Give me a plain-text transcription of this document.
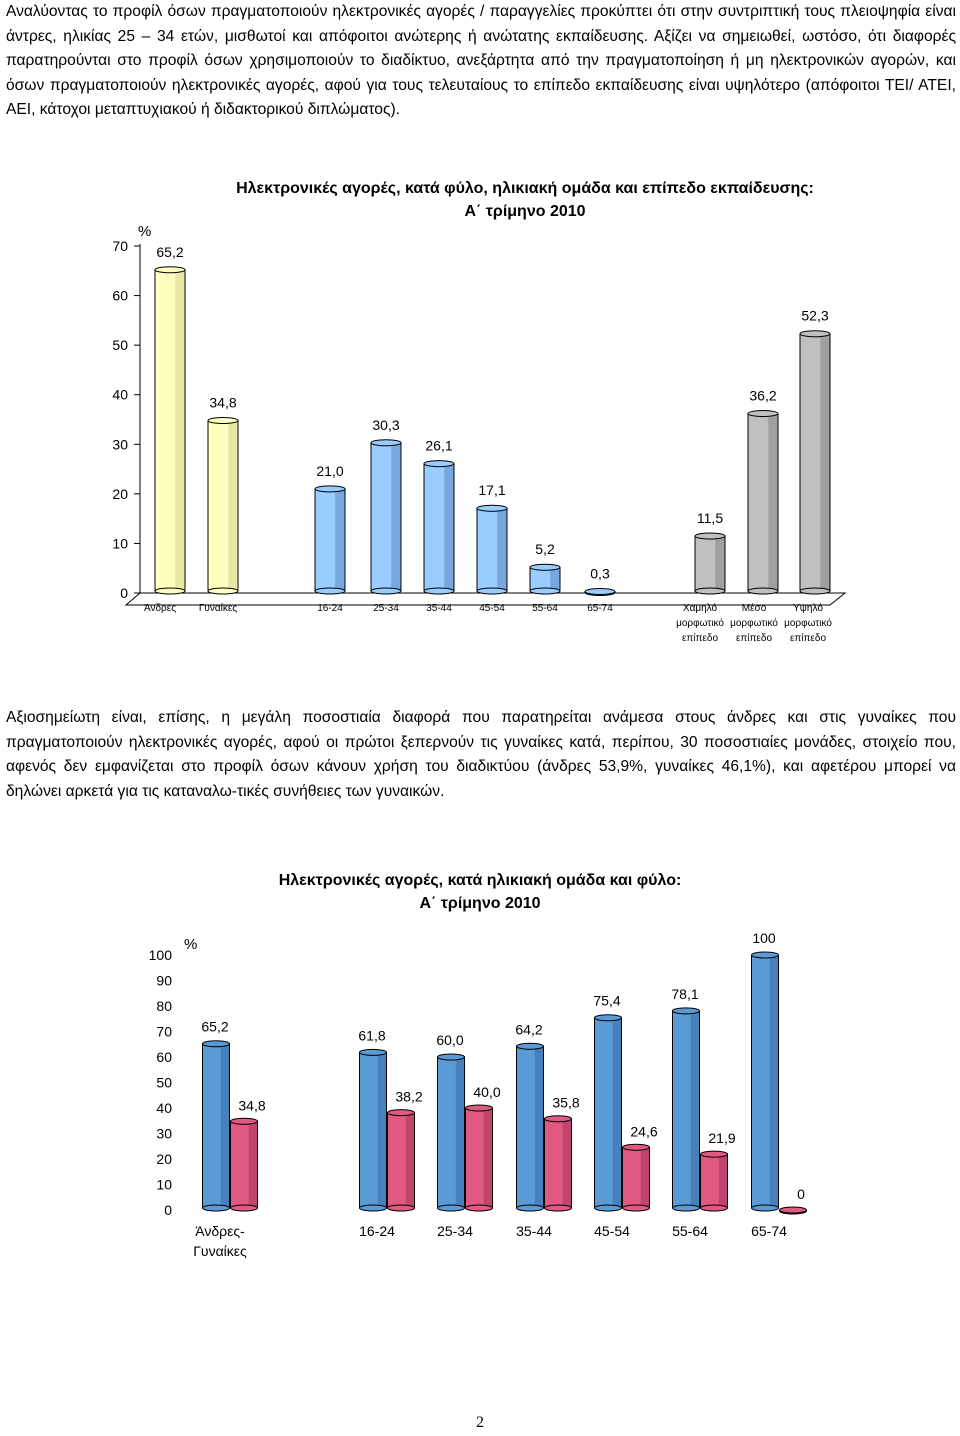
Αναλύοντας το προφίλ όσων πραγματοποιούν ηλεκτρονικές αγορές / παραγγελίες προκύπτει ότι στην συντριπτική τους πλειοψηφία είναι άντρες, ηλικίας 25 – 34 ετών, μισθωτοί και απόφοιτοι ανώτερης ή ανώτατης εκπαίδευσης. Αξίζει να σημειωθεί, ωστόσο, ότι διαφορές παρατηρούνται στο προφίλ όσων χρησιμοποιούν το διαδίκτυο, ανεξάρτητα από την πραγματοποίηση ή μη ηλεκτρονικών αγορών, και όσων πραγματοποιούν ηλεκτρονικές αγορές, αφού για τους τελευταίους το επίπεδο εκπαίδευσης είναι υψηλότερο (απόφοιτοι ΤΕΙ/ ΑΤΕΙ, ΑΕΙ, κάτοχοι μεταπτυχιακού ή διδακτορικού διπλώματος).

Ηλεκτρονικές αγορές, κατά φύλο, ηλικιακή ομάδα και επίπεδο εκπαίδευσης:
Α΄ τρίμηνο 2010
%
0
10
20
30
40
50
60
70 65,2
34,8
21,0
30,3
26,1
17,1
5,2
0,3
11,5
36,2
52,3
Άνδρες Γυναίκες	16-24	25-34	35-44	45-54	55-64	65-74	Χαμηλό
μορφωτικό
επίπεδο
Μέσο
μορφωτικό
επίπεδο
Υψηλό
μορφωτικό
επίπεδο

Αξιοσημείωτη είναι, επίσης, η μεγάλη ποσοστιαία διαφορά που παρατηρείται ανάμεσα στους άνδρες και στις γυναίκες που πραγματοποιούν ηλεκτρονικές αγορές, αφού οι πρώτοι ξεπερνούν τις γυναίκες κατά, περίπου, 30 ποσοστιαίες μονάδες, στοιχείο που, αφενός δεν εμφανίζεται στο προφίλ όσων κάνουν χρήση του διαδικτύου (άνδρες 53,9%, γυναίκες 46,1%), και αφετέρου μπορεί να δηλώνει αρκετά για τις καταναλω-τικές συνήθειες των γυναικών.

Ηλεκτρονικές αγορές, κατά ηλικιακή ομάδα και φύλο:
Α΄ τρίμηνο 2010
%
0
10
20
30
40
50
60
70
80
90
100
65,2
61,8	60,0
64,2
75,4	78,1
100
34,8
38,2	40,0
35,8
24,6	21,9
0
Άνδρες-
Γυναίκες
16-24	25-34	35-44	45-54	55-64	65-74
2
